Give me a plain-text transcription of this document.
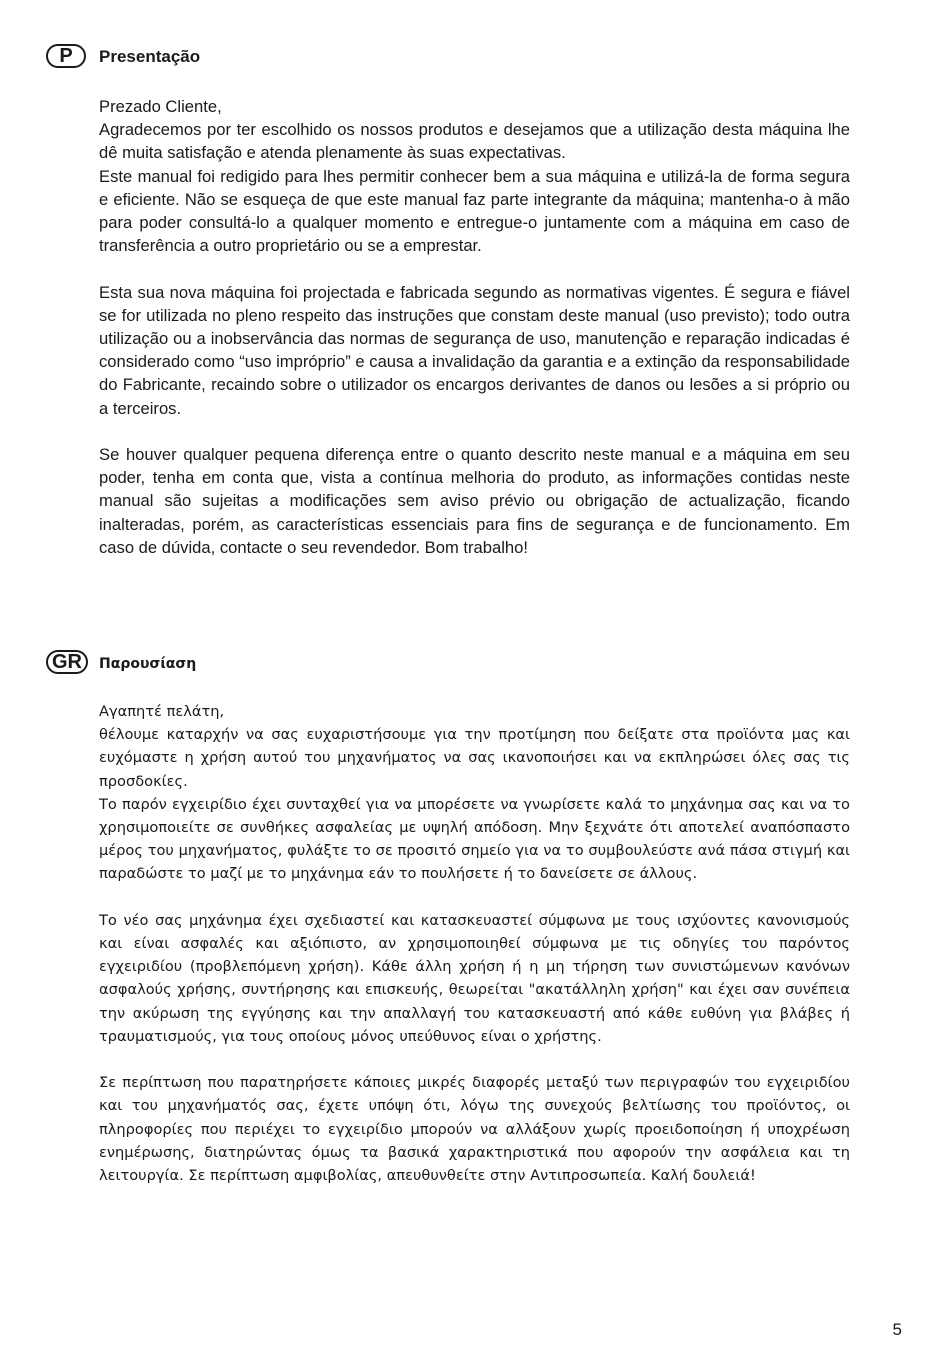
P	Presentação

Prezado Cliente,

Agradecemos por ter escolhido os nossos produtos e desejamos que a utilização desta máquina lhe dê muita satisfação e atenda plenamente às suas expectativas.

Este manual foi redigido para lhes permitir conhecer bem a sua máquina e utilizá-la de forma segura e eficiente. Não se esqueça de que este manual faz parte integrante da máquina; mantenha-o à mão para poder consultá-lo a qualquer momento e entregue-o juntamente com a máquina em caso de transferência a outro proprietário ou se a emprestar.

Esta sua nova máquina foi projectada e fabricada segundo as normativas vigentes. É segura e fiável se for utilizada no pleno respeito das instruções que constam deste manual (uso previsto); todo outra utilização ou a inobservância das normas de segurança de uso, manutenção e reparação indicadas é considerado como “uso impróprio” e causa a invalidação da garantia e a extinção da responsabilidade do Fabricante, recaindo sobre o utilizador os encargos derivantes de danos ou lesões a si próprio ou a terceiros.

Se houver qualquer pequena diferença entre o quanto descrito neste manual e a máquina em seu poder, tenha em conta que, vista a contínua melhoria do produto, as informações contidas neste manual são sujeitas a modificações sem aviso prévio ou obrigação de actualização, ficando inalteradas, porém, as características essenciais para fins de segurança e de funcionamento. Em caso de dúvida, contacte o seu revendedor. Bom trabalho!

GR	Παρουσίαση

Αγαπητέ πελάτη,

θέλουμε καταρχήν να σας ευχαριστήσουμε για την προτίμηση που δείξατε στα προϊόντα μας και ευχόμαστε η χρήση αυτού του μηχανήματος να σας ικανοποιήσει και να εκπληρώσει όλες σας τις προσδοκίες.

Το παρόν εγχειρίδιο έχει συνταχθεί για να μπορέσετε να γνωρίσετε καλά το μηχάνημα σας και να το χρησιμοποιείτε σε συνθήκες ασφαλείας με υψηλή απόδοση. Μην ξεχνάτε ότι αποτελεί αναπόσπαστο μέρος του μηχανήματος, φυλάξτε το σε προσιτό σημείο για να το συμβουλεύστε ανά πάσα στιγμή και παραδώστε το μαζί με το μηχάνημα εάν το πουλήσετε ή το δανείσετε σε άλλους.

Το νέο σας μηχάνημα έχει σχεδιαστεί και κατασκευαστεί σύμφωνα με τους ισχύοντες κανονισμούς και είναι ασφαλές και αξιόπιστο, αν χρησιμοποιηθεί σύμφωνα με τις οδηγίες του παρόντος εγχειριδίου (προβλεπόμενη χρήση). Κάθε άλλη χρήση ή η μη τήρηση των συνιστώμενων κανόνων ασφαλούς χρήσης, συντήρησης και επισκευής, θεωρείται "ακατάλληλη χρήση" και έχει σαν συνέπεια την ακύρωση της εγγύησης και την απαλλαγή του κατασκευαστή από κάθε ευθύνη για βλάβες ή τραυματισμούς, για τους οποίους μόνος υπεύθυνος είναι ο χρήστης.

Σε περίπτωση που παρατηρήσετε κάποιες μικρές διαφορές μεταξύ των περιγραφών του εγχειριδίου και του μηχανήματός σας, έχετε υπόψη ότι, λόγω της συνεχούς βελτίωσης του προϊόντος, οι πληροφορίες που περιέχει το εγχειρίδιο μπορούν να αλλάξουν χωρίς προειδοποίηση ή υποχρέωση ενημέρωσης, διατηρώντας όμως τα βασικά χαρακτηριστικά που αφορούν την ασφάλεια και τη λειτουργία. Σε περίπτωση αμφιβολίας, απευθυνθείτε στην Αντιπροσωπεία. Καλή δουλειά!

5
